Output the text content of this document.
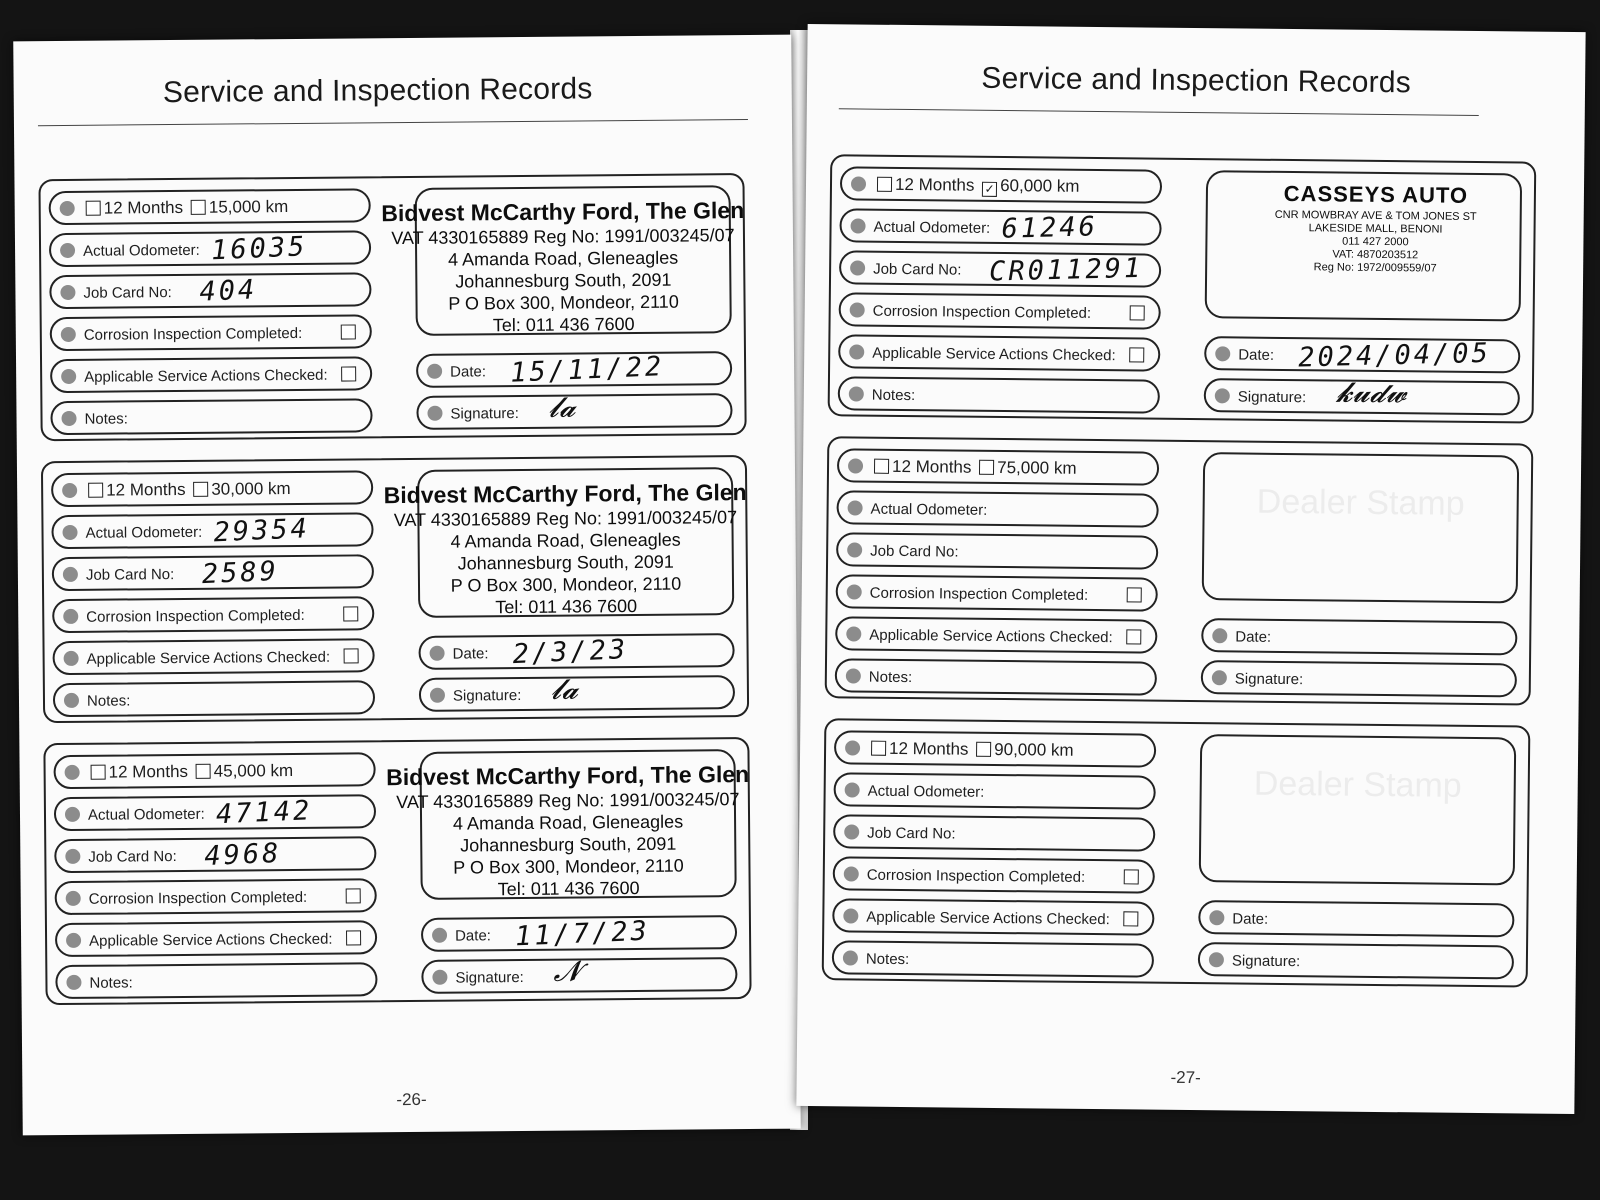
Service and Inspection Records
12 Months 15,000 km
Actual Odometer: 16035
Job Card No: 404
Corrosion Inspection Completed:
Applicable Service Actions Checked:
Notes:
Bidvest McCarthy Ford, The Glen
VAT 4330165889 Reg No: 1991/003245/07
4 Amanda Road, Gleneagles
Johannesburg South, 2091
P O Box 300, Mondeor, 2110
Tel: 011 436 7600
Date: 15/11/22
Signature: 𝓵𝓪
12 Months 30,000 km
Actual Odometer: 29354
Job Card No: 2589
Corrosion Inspection Completed:
Applicable Service Actions Checked:
Notes:
Bidvest McCarthy Ford, The Glen
VAT 4330165889 Reg No: 1991/003245/07
4 Amanda Road, Gleneagles
Johannesburg South, 2091
P O Box 300, Mondeor, 2110
Tel: 011 436 7600
Date: 2/3/23
Signature: 𝓵𝓪
12 Months 45,000 km
Actual Odometer: 47142
Job Card No: 4968
Corrosion Inspection Completed:
Applicable Service Actions Checked:
Notes:
Bidvest McCarthy Ford, The Glen
VAT 4330165889 Reg No: 1991/003245/07
4 Amanda Road, Gleneagles
Johannesburg South, 2091
P O Box 300, Mondeor, 2110
Tel: 011 436 7600
Date: 11/7/23
Signature: 𝓝
-26-
Service and Inspection Records
12 Months ✓ 60,000 km
Actual Odometer: 61246
Job Card No: CR011291
Corrosion Inspection Completed:
Applicable Service Actions Checked:
Notes:
CASSEYS AUTO
CNR MOWBRAY AVE & TOM JONES ST
LAKESIDE MALL, BENONI
011 427 2000
VAT: 4870203512
Reg No: 1972/009559/07
Date: 2024/04/05
Signature: 𝓴𝓾𝓭𝔀
12 Months 75,000 km
Actual Odometer:
Job Card No:
Corrosion Inspection Completed:
Applicable Service Actions Checked:
Notes:
Dealer Stamp
Date:
Signature:
12 Months 90,000 km
Actual Odometer:
Job Card No:
Corrosion Inspection Completed:
Applicable Service Actions Checked:
Notes:
Dealer Stamp
Date:
Signature:
-27-
